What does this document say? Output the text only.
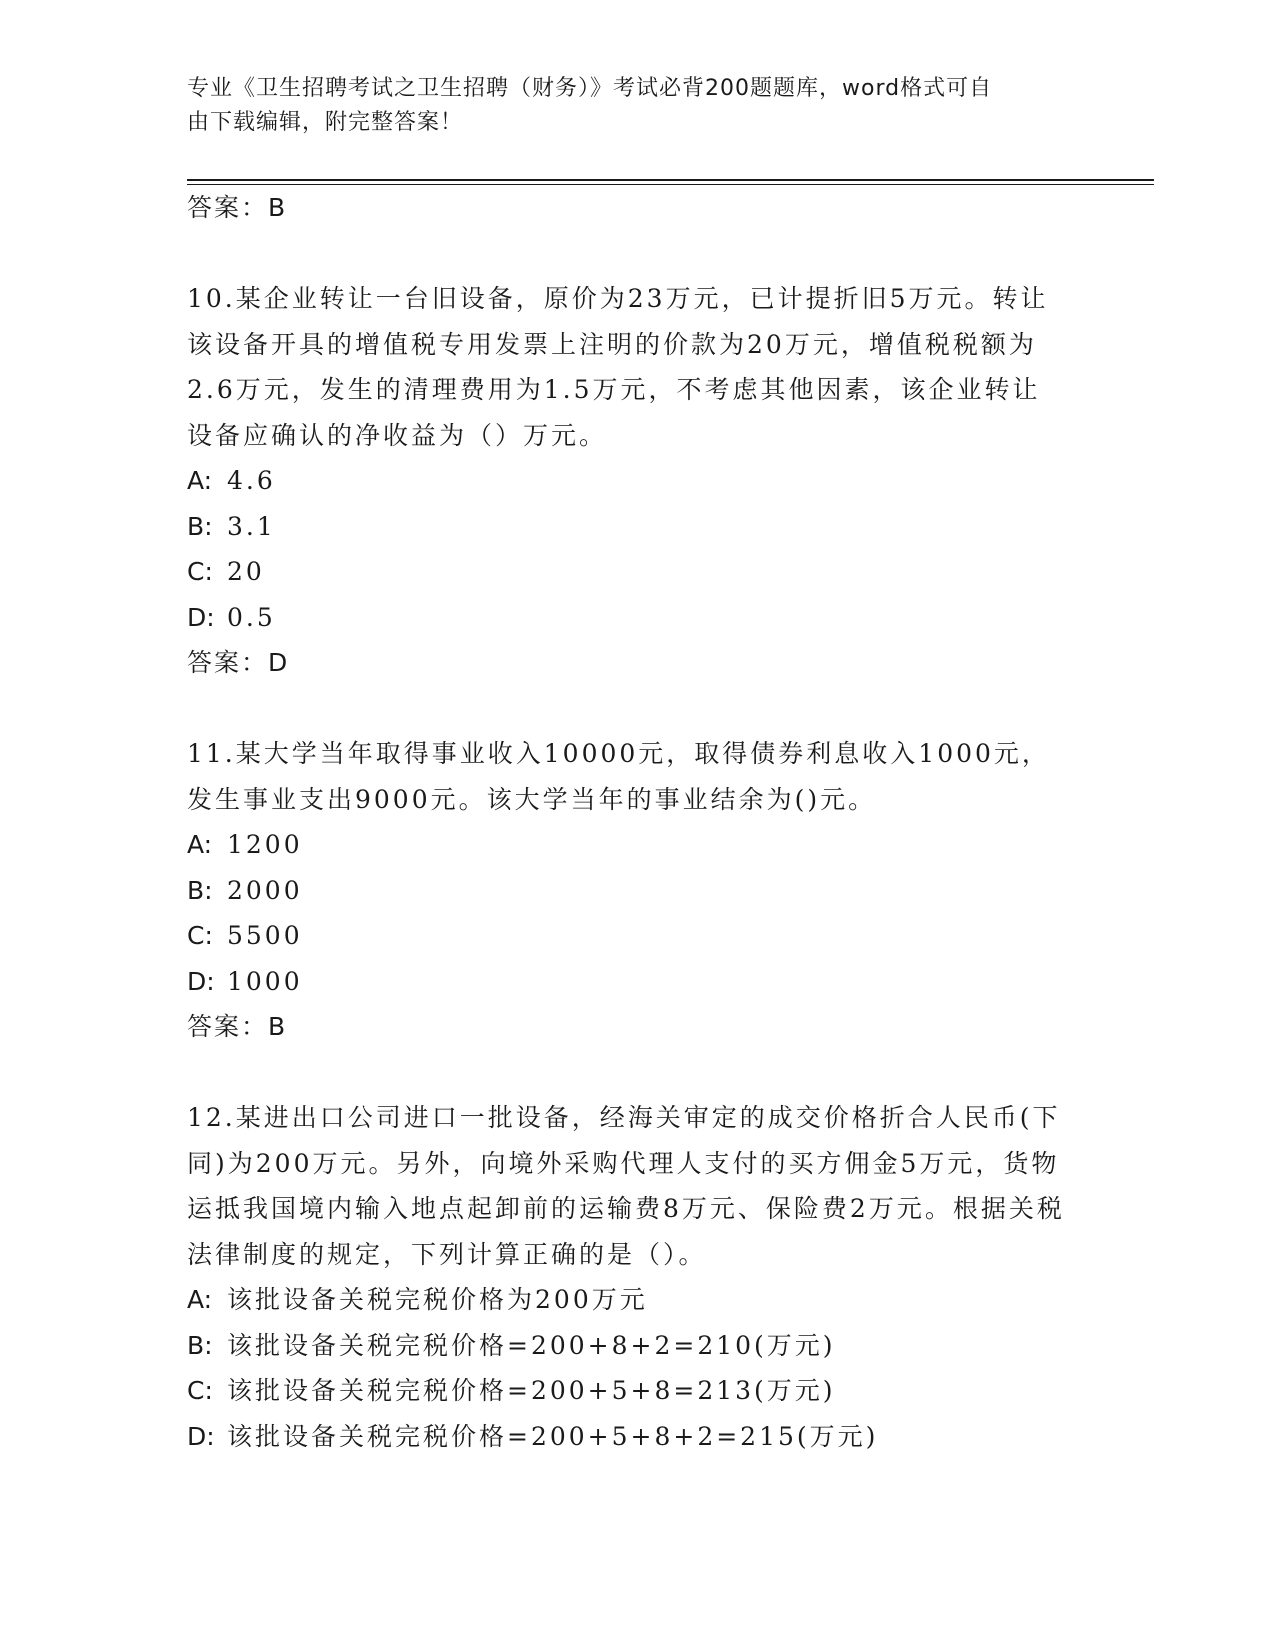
专业《卫生招聘考试之卫生招聘（财务）》考试必背200题题库，word格式可自
由下载编辑，附完整答案！
答案：B
10.某企业转让一台旧设备，原价为23万元，已计提折旧5万元。转让该设备开具的增值税专用发票上注明的价款为20万元，增值税税额为2.6万元，发生的清理费用为1.5万元，不考虑其他因素，该企业转让设备应确认的净收益为（）万元。
A: 4.6
B: 3.1
C: 20
D: 0.5
答案：D
11.某大学当年取得事业收入10000元，取得债券利息收入1000元，发生事业支出9000元。该大学当年的事业结余为()元。
A: 1200
B: 2000
C: 5500
D: 1000
答案：B
12.某进出口公司进口一批设备，经海关审定的成交价格折合人民币(下同)为200万元。另外，向境外采购代理人支付的买方佣金5万元，货物运抵我国境内输入地点起卸前的运输费8万元、保险费2万元。根据关税法律制度的规定，下列计算正确的是（）。
A: 该批设备关税完税价格为200万元
B: 该批设备关税完税价格=200+8+2=210(万元)
C: 该批设备关税完税价格=200+5+8=213(万元)
D: 该批设备关税完税价格=200+5+8+2=215(万元)
